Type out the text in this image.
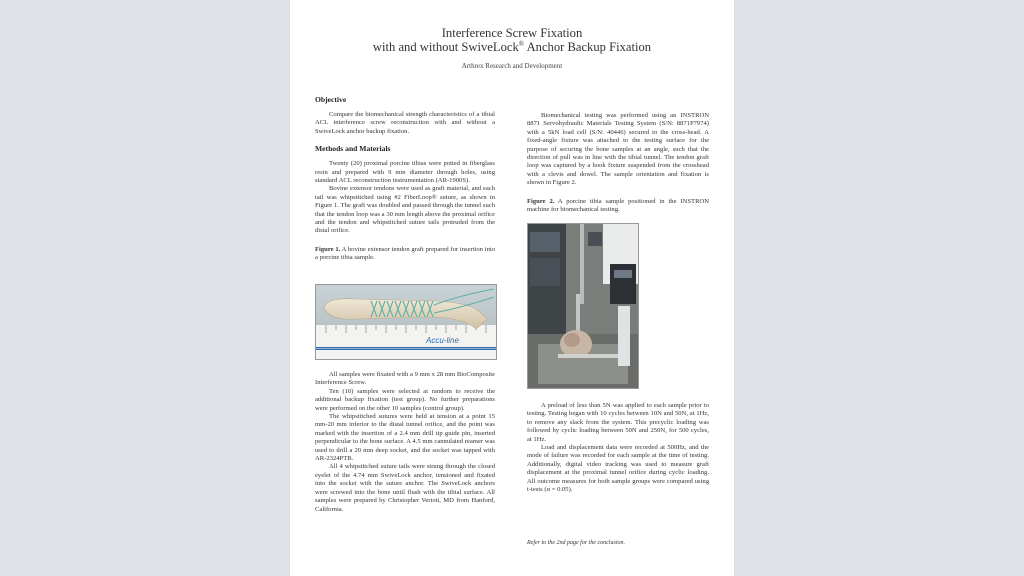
Interference Screw Fixation
with and without SwiveLock® Anchor Backup Fixation
Arthrex Research and Development
Objective

Compare the biomechanical strength characteristics of a tibial ACL interference screw reconstruction with and without a SwiveLock anchor backup fixation.

Methods and Materials

Twenty (20) proximal porcine tibias were potted in fiberglass resin and prepared with 9 mm diameter through holes, using standard ACL reconstruction instrumentation (AR-1900S).

Bovine extensor tendons were used as graft material, and each tail was whipstitched using #2 FiberLoop® suture, as shown in Figure 1. The graft was doubled and passed through the tunnel such that the tendon loop was a 30 mm length above the proximal orifice and the tendon and whipstitched suture tails protruded from the distal orifice.

Figure 1. A bovine extensor tendon graft prepared for insertion into a porcine tibia sample.

Accu-line

All samples were fixated with a 9 mm x 28 mm BioComposite Interference Screw.

Ten (10) samples were selected at random to receive the additional backup fixation (test group). No further preparations were performed on the other 10 samples (control group).

The whipstitched sutures were held at tension at a point 15 mm-20 mm inferior to the distal tunnel orifice, and the point was marked with the insertion of a 2.4 mm drill tip guide pin, inserted perpendicular to the bone surface. A 4.5 mm cannulated reamer was used to drill a 20 mm deep socket, and the socket was tapped with AR-2324PTB.

All 4 whipstitched suture tails were strung through the closed eyelet of the 4.74 mm SwiveLock anchor, tensioned and fixated into the socket with the suture anchor. The SwiveLock anchors were screwed into the bone until flush with the tibial surface. All samples were prepared by Christopher Verioti, MD from Hanford, California.

Biomechanical testing was performed using an INSTRON 8871 Servohydraulic Materials Testing System (S/N: 8871P7974) with a 5kN load cell (S/N: 40446) secured to the cross-head. A fixed-angle fixture was attached to the testing surface for the purpose of securing the bone samples at an angle, such that the direction of pull was in line with the tibial tunnel. The tendon graft loop was captured by a hook fixture suspended from the crosshead with a clevis and dowel. The sample orientation and fixation is shown in Figure 2.

Figure 2. A porcine tibia sample positioned in the INSTRON machine for biomechanical testing.

A preload of less than 5N was applied to each sample prior to testing. Testing began with 10 cycles between 10N and 50N, at 1Hz, to remove any slack from the system. This precyclic loading was followed by cyclic loading between 50N and 250N, for 500 cycles, at 1Hz.

Load and displacement data were recorded at 500Hz, and the mode of failure was recorded for each sample at the time of testing. Additionally, digital video tracking was used to measure graft displacement at the proximal tunnel orifice during cyclic loading. All outcome measures for both sample groups were compared using t-tests (α = 0.05).

Refer to the 2nd page for the conclusion.
